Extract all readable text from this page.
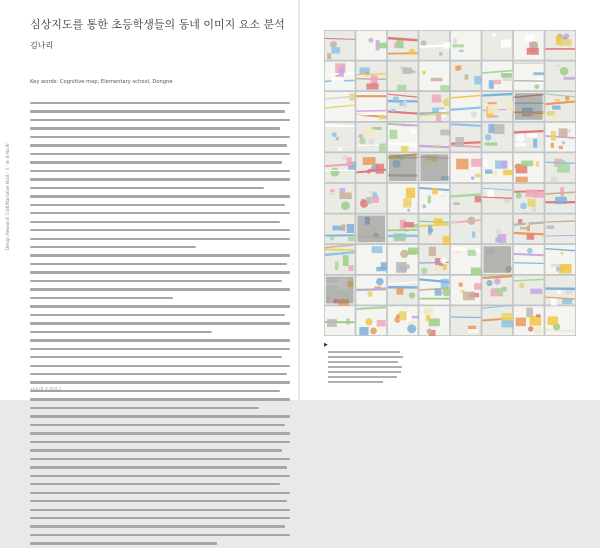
Design Research Craft/Narrative Vol.8 · 3 · Ⅲ-8 No.9/
심상지도를 통한 초등학생들의 동네 이미지 요소 분석
김나리
Key words: Cognitive map, Elementary school, Dongne
서울대 조형연구
▶
